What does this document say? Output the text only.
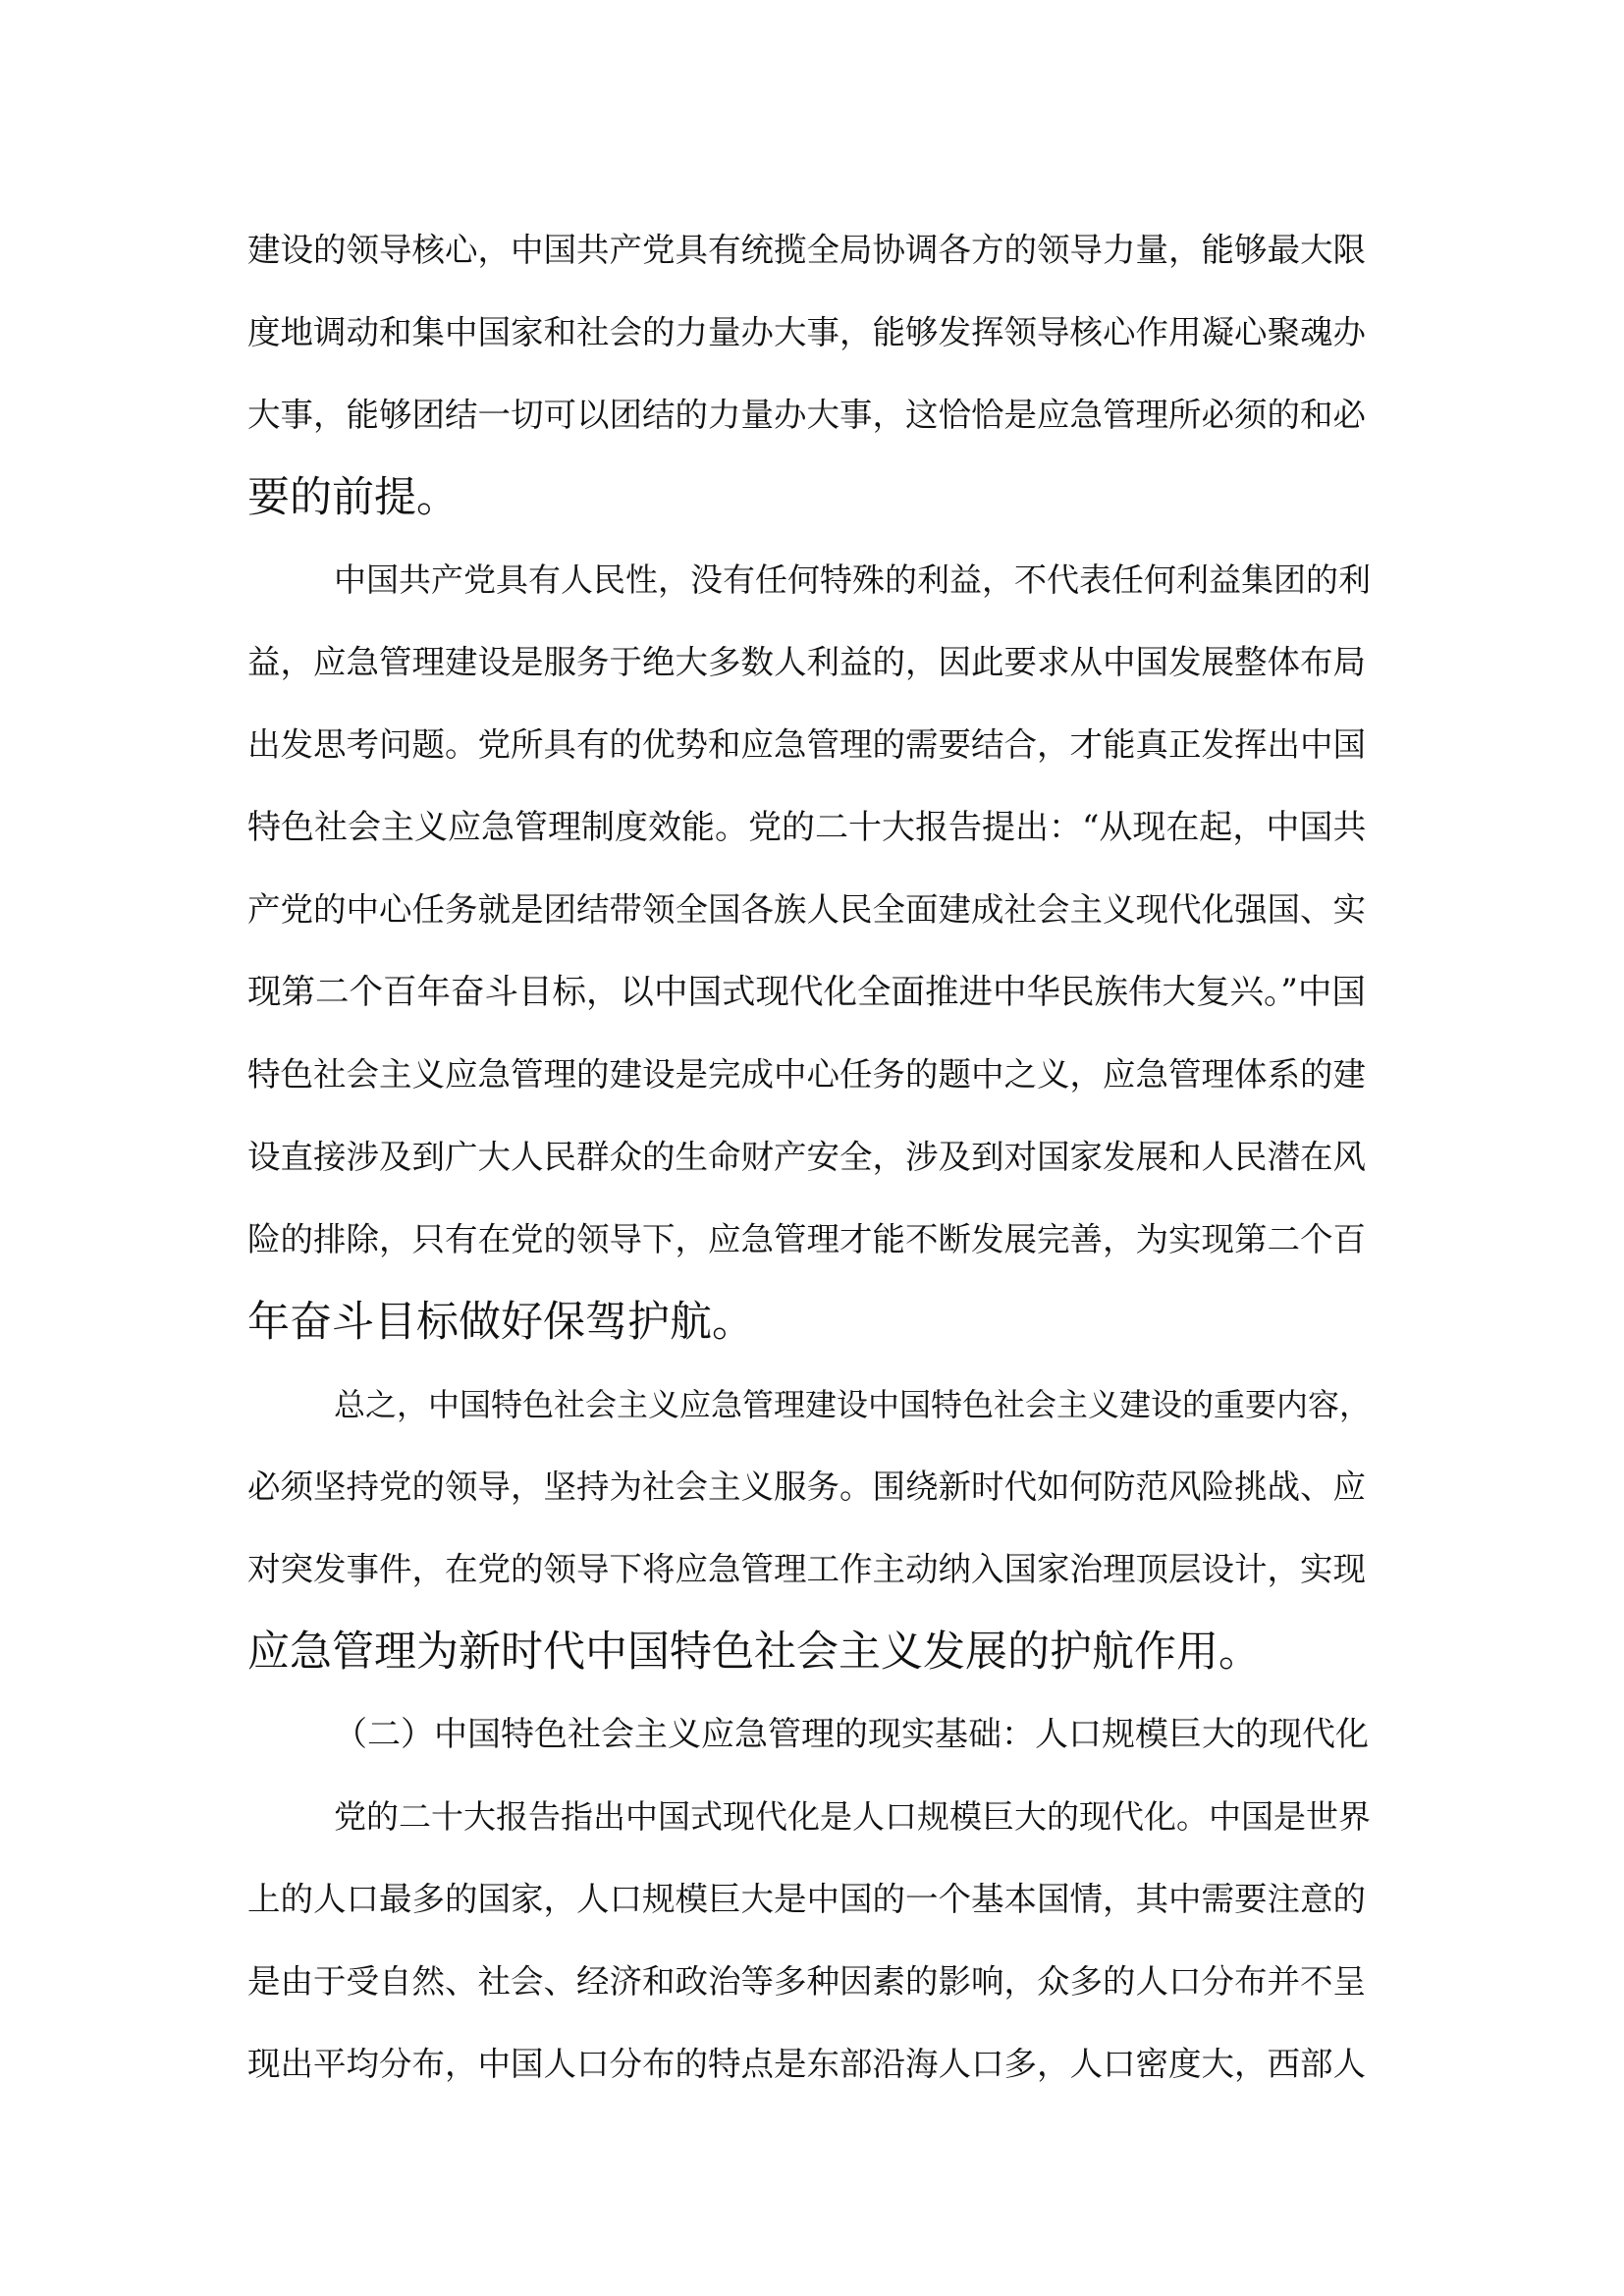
建设的领导核心，中国共产党具有统揽全局协调各方的领导力量，能够最大限
度地调动和集中国家和社会的力量办大事，能够发挥领导核心作用凝心聚魂办
大事，能够团结一切可以团结的力量办大事，这恰恰是应急管理所必须的和必
要的前提。
中国共产党具有人民性，没有任何特殊的利益，不代表任何利益集团的利
益，应急管理建设是服务于绝大多数人利益的，因此要求从中国发展整体布局
出发思考问题。党所具有的优势和应急管理的需要结合，才能真正发挥出中国
特色社会主义应急管理制度效能。党的二十大报告提出：“从现在起，中国共
产党的中心任务就是团结带领全国各族人民全面建成社会主义现代化强国、实
现第二个百年奋斗目标，以中国式现代化全面推进中华民族伟大复兴。”中国
特色社会主义应急管理的建设是完成中心任务的题中之义，应急管理体系的建
设直接涉及到广大人民群众的生命财产安全，涉及到对国家发展和人民潜在风
险的排除，只有在党的领导下，应急管理才能不断发展完善，为实现第二个百
年奋斗目标做好保驾护航。
总之，中国特色社会主义应急管理建设中国特色社会主义建设的重要内容，
必须坚持党的领导，坚持为社会主义服务。围绕新时代如何防范风险挑战、应
对突发事件，在党的领导下将应急管理工作主动纳入国家治理顶层设计，实现
应急管理为新时代中国特色社会主义发展的护航作用。
（二）中国特色社会主义应急管理的现实基础：人口规模巨大的现代化
党的二十大报告指出中国式现代化是人口规模巨大的现代化。中国是世界
上的人口最多的国家，人口规模巨大是中国的一个基本国情，其中需要注意的
是由于受自然、社会、经济和政治等多种因素的影响，众多的人口分布并不呈
现出平均分布，中国人口分布的特点是东部沿海人口多，人口密度大，西部人
